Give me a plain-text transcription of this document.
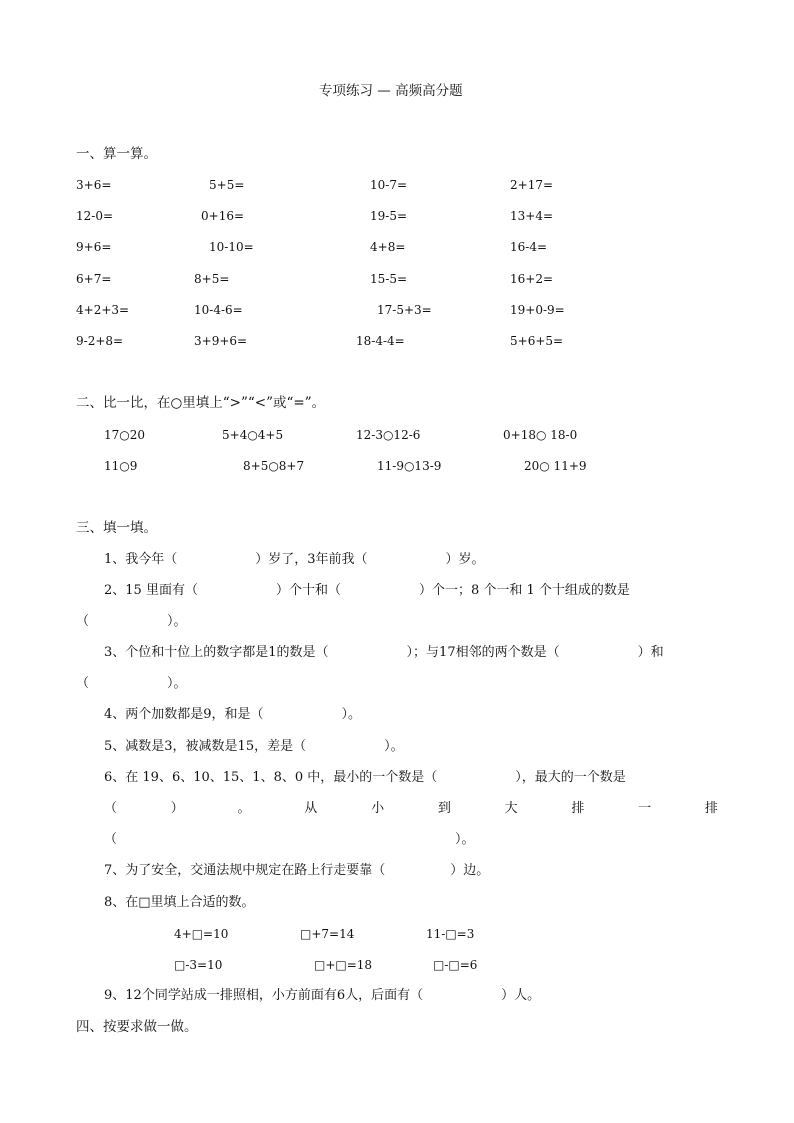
专项练习 — 高频高分题
一、算一算。
3+6=	5+5=	10-7=	2+17=
12-0=	0+16=	19-5=	13+4=
9+6=	10-10=	4+8=	16-4=
6+7=	8+5=	15-5=	16+2=
4+2+3=	10-4-6=	17-5+3=	19+0-9=
9-2+8=	3+9+6=	18-4-4=	5+6+5=
二、比一比，在○里填上“>”“<”或“=”。
17○20	5+4○4+5	12-3○12-6	0+18○ 18-0
11○9	8+5○8+7	11-9○13-9	20○ 11+9
三、填一填。
1、我今年（　　　　　　）岁了，3年前我（　　　　　　）岁。
2、15 里面有（　　　　　　）个十和（　　　　　　）个一；8 个一和 1 个十组成的数是
（　　　　　　）。
3、个位和十位上的数字都是1的数是（　　　　　　）；与17相邻的两个数是（　　　　　　）和
（　　　　　　）。
4、两个加数都是9，和是（　　　　　　）。
5、减数是3，被减数是15，差是（　　　　　　）。
6、在 19、6、10、15、1、8、0 中，最小的一个数是（　　　　　　），最大的一个数是
（	）	。	从	小	到	大	排	一	排
（　　　　　　　　　　　　　　　　　　　　　　　　　　）。
7、为了安全，交通法规中规定在路上行走要靠（　　　　　）边。
8、在□里填上合适的数。
4+□=10	□+7=14	11-□=3
□-3=10	□+□=18	□-□=6
9、12个同学站成一排照相，小方前面有6人，后面有（　　　　　　）人。
四、按要求做一做。
